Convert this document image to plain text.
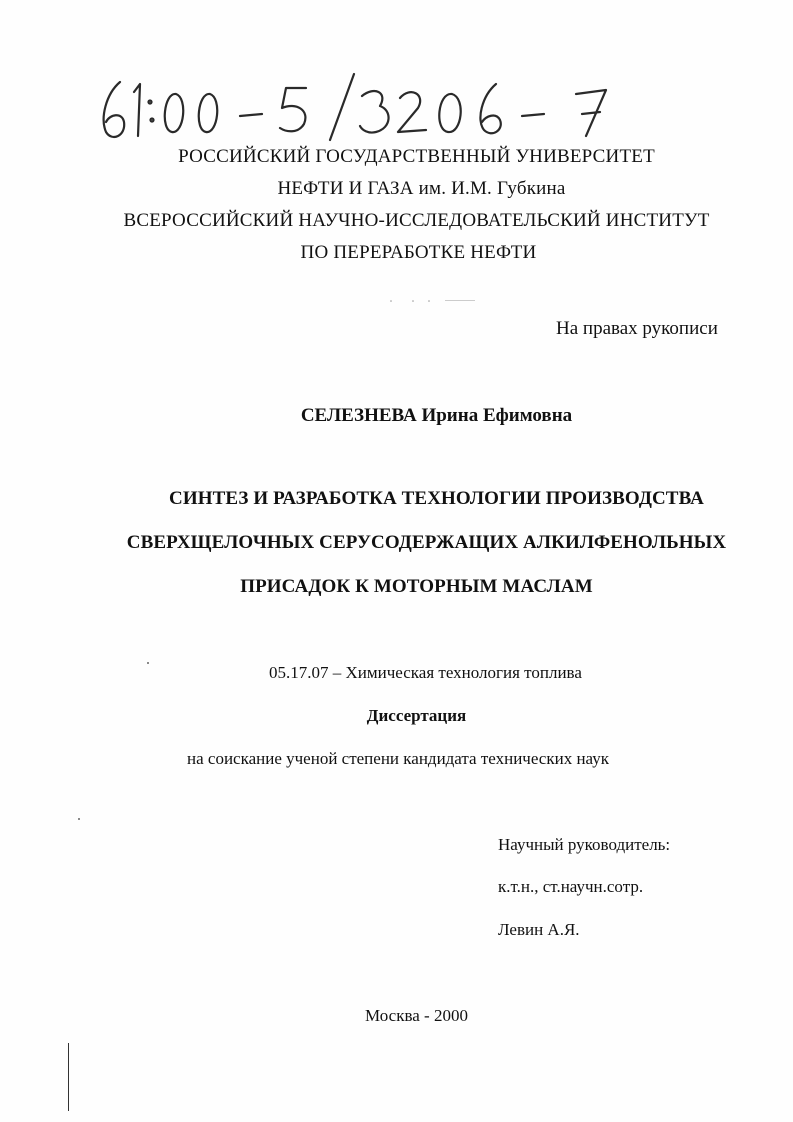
РОССИЙСКИЙ ГОСУДАРСТВЕННЫЙ УНИВЕРСИТЕТ
НЕФТИ И ГАЗА им. И.М. Губкина
ВСЕРОССИЙСКИЙ НАУЧНО-ИССЛЕДОВАТЕЛЬСКИЙ ИНСТИТУТ
ПО ПЕРЕРАБОТКЕ НЕФТИ
На правах рукописи
СЕЛЕЗНЕВА Ирина Ефимовна
СИНТЕЗ И РАЗРАБОТКА ТЕХНОЛОГИИ ПРОИЗВОДСТВА
СВЕРХЩЕЛОЧНЫХ СЕРУСОДЕРЖАЩИХ АЛКИЛФЕНОЛЬНЫХ
ПРИСАДОК К МОТОРНЫМ МАСЛАМ
05.17.07 – Химическая технология топлива
Диссертация
на соискание ученой степени кандидата технических наук
Научный руководитель:
к.т.н., ст.научн.сотр.
Левин А.Я.
Москва - 2000
